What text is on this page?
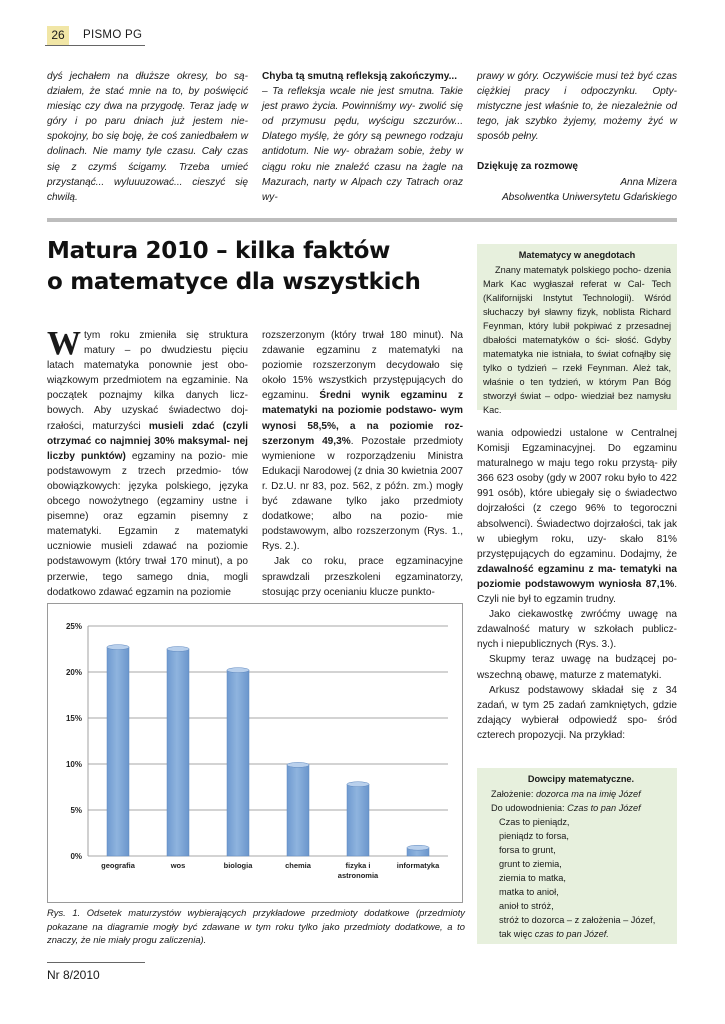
26	PISMO PG

dyś jechałem na dłuższe okresy, bo są- działem, że stać mnie na to, by poświęcić miesiąc czy dwa na przygodę. Teraz jadę w góry i po paru dniach już jestem nie- spokojny, bo się boję, że coś zaniedbałem w dolinach. Nie mamy tyle czasu. Cały czas się z czymś ścigamy. Trzeba umieć przystanąć... wyluuuzować... cieszyć się chwilą.

Chyba tą smutną refleksją zakończymy...

– Ta refleksja wcale nie jest smutna. Takie jest prawo życia. Powinniśmy wy- zwolić się od przymusu pędu, wyścigu szczurów... Dlatego myślę, że góry są pewnego rodzaju antidotum. Nie wy- obrażam sobie, żeby w ciągu roku nie znaleźć czasu na żagle na Mazurach, narty w Alpach czy Tatrach oraz wy-

prawy w góry. Oczywiście musi też być czas ciężkiej pracy i odpoczynku. Opty- mistyczne jest właśnie to, że niezależnie od tego, jak szybko żyjemy, możemy żyć w sposób pełny.

Dziękuję za rozmowę

Anna Mizera

Absolwentka Uniwersytetu Gdańskiego

Matura 2010 – kilka faktów
o matematyce dla wszystkich

Wtym roku zmieniła się struktura matury – po dwudziestu pięciu latach matematyka ponownie jest obo- wiązkowym przedmiotem na egzaminie. Na początek poznajmy kilka danych licz- bowych. Aby uzyskać świadectwo doj- rzałości, maturzyści musieli zdać (czyli otrzymać co najmniej 30% maksymal- nej liczby punktów) egzaminy na pozio- mie podstawowym z trzech przedmio- tów obowiązkowych: języka polskiego, języka obcego nowożytnego (egzaminy ustne i pisemne) oraz egzamin pisemny z matematyki. Egzamin z matematyki uczniowie musieli zdawać na poziomie podstawowym (który trwał 170 minut), a po przerwie, tego samego dnia, mogli dodatkowo zdawać egzamin na poziomie

rozszerzonym (który trwał 180 minut). Na zdawanie egzaminu z matematyki na poziomie rozszerzonym decydowało się około 15% wszystkich przystępujących do egzaminu. Średni wynik egzaminu z matematyki na poziomie podstawo- wym wynosi 58,5%, a na poziomie roz- szerzonym 49,3%. Pozostałe przedmioty wymienione w rozporządzeniu Ministra Edukacji Narodowej (z dnia 30 kwietnia 2007 r. Dz.U. nr 83, poz. 562, z późn. zm.) mogły być zdawane tylko jako przedmioty dodatkowe; albo na pozio- mie podstawowym, albo rozszerzonym (Rys. 1., Rys. 2.).

Jak co roku, prace egzaminacyjne sprawdzali przeszkoleni egzaminatorzy, stosując przy ocenianiu klucze punkto-

Matematycy w anegdotach

Znany matematyk polskiego pocho- dzenia Mark Kac wygłaszał referat w Cal- Tech (Kalifornijski Instytut Technologii). Wśród słuchaczy był sławny fizyk, noblista Richard Feynman, który lubił pokpiwać z przesadnej dbałości matematyków o ści- słość. Gdyby matematyka nie istniała, to świat cofnąłby się tylko o tydzień – rzekł Feynman. Ależ tak, właśnie o ten tydzień, w którym Pan Bóg stworzył świat – odpo- wiedział bez namysłu Kac.

wania odpowiedzi ustalone w Centralnej Komisji Egzaminacyjnej. Do egzaminu maturalnego w maju tego roku przystą- piły 366 623 osoby (gdy w 2007 roku było to 422 991 osób), które ubiegały się o świadectwo dojrzałości (z czego 96% to tegoroczni absolwenci). Świadectwo dojrzałości, tak jak w ubiegłym roku, uzy- skało 81% przystępujących do egzaminu. Dodajmy, że zdawalność egzaminu z ma- tematyki na poziomie podstawowym wyniosła 87,1%. Czyli nie był to egzamin trudny.

Jako ciekawostkę zwróćmy uwagę na zdawalność matury w szkołach publicz- nych i niepublicznych (Rys. 3.).

Skupmy teraz uwagę na budzącej po- wszechną obawę, maturze z matematyki.

Arkusz podstawowy składał się z 34 zadań, w tym 25 zadań zamkniętych, gdzie zdający wybierał odpowiedź spo- śród czterech propozycji. Na przykład:

Dowcipy matematyczne.
Założenie: dozorca ma na imię Józef
Do udowodnienia: Czas to pan Józef
Czas to pieniądz,
pieniądz to forsa,
forsa to grunt,
grunt to ziemia,
ziemia to matka,
matka to anioł,
anioł to stróż,
stróż to dozorca – z założenia – Józef,
tak więc czas to pan Józef.
0%
5%
10%
15%
20%
25%
geografia	wos	biologia	chemia	fizyka i
astronomia
informatyka
Rys. 1. Odsetek maturzystów wybierających przykładowe przedmioty dodatkowe (przedmioty pokazane na diagramie mogły być zdawane w tym roku tylko jako przedmioty dodatkowe, a to znaczy, że nie miały progu zaliczenia).
Nr 8/2010
